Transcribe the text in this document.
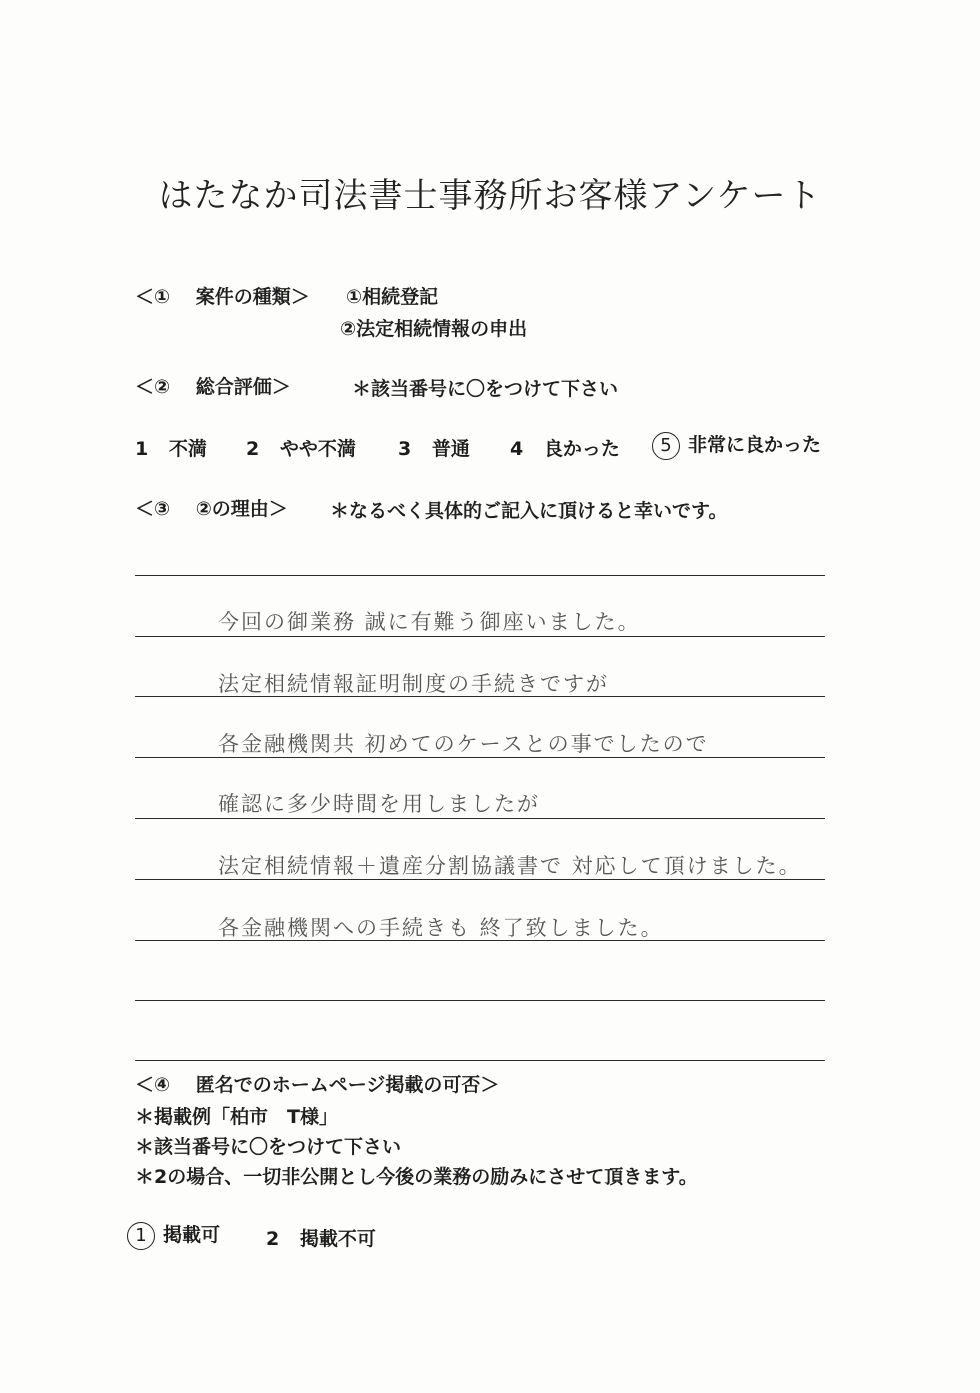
はたなか司法書士事務所お客様アンケート
＜①　 案件の種類＞ ①相続登記
②法定相続情報の申出
＜②　 総合評価＞	＊該当番号に〇をつけて下さい
1 不満 2 やや不満 3 普通 4 良かった	5 非常に良かった
＜③　 ②の理由＞ ＊なるべく具体的ご記入に頂けると幸いです。
今回の御業務 誠に有難う御座いました。
法定相続情報証明制度の手続きですが
各金融機関共 初めてのケースとの事でしたので
確認に多少時間を用しましたが
法定相続情報＋遺産分割協議書で 対応して頂けました。
各金融機関への手続きも 終了致しました。
＜④　 匿名でのホームページ掲載の可否＞
＊掲載例「柏市　T様」
＊該当番号に〇をつけて下さい
＊2の場合、一切非公開とし今後の業務の励みにさせて頂きます。
1 掲載可 2 掲載不可
